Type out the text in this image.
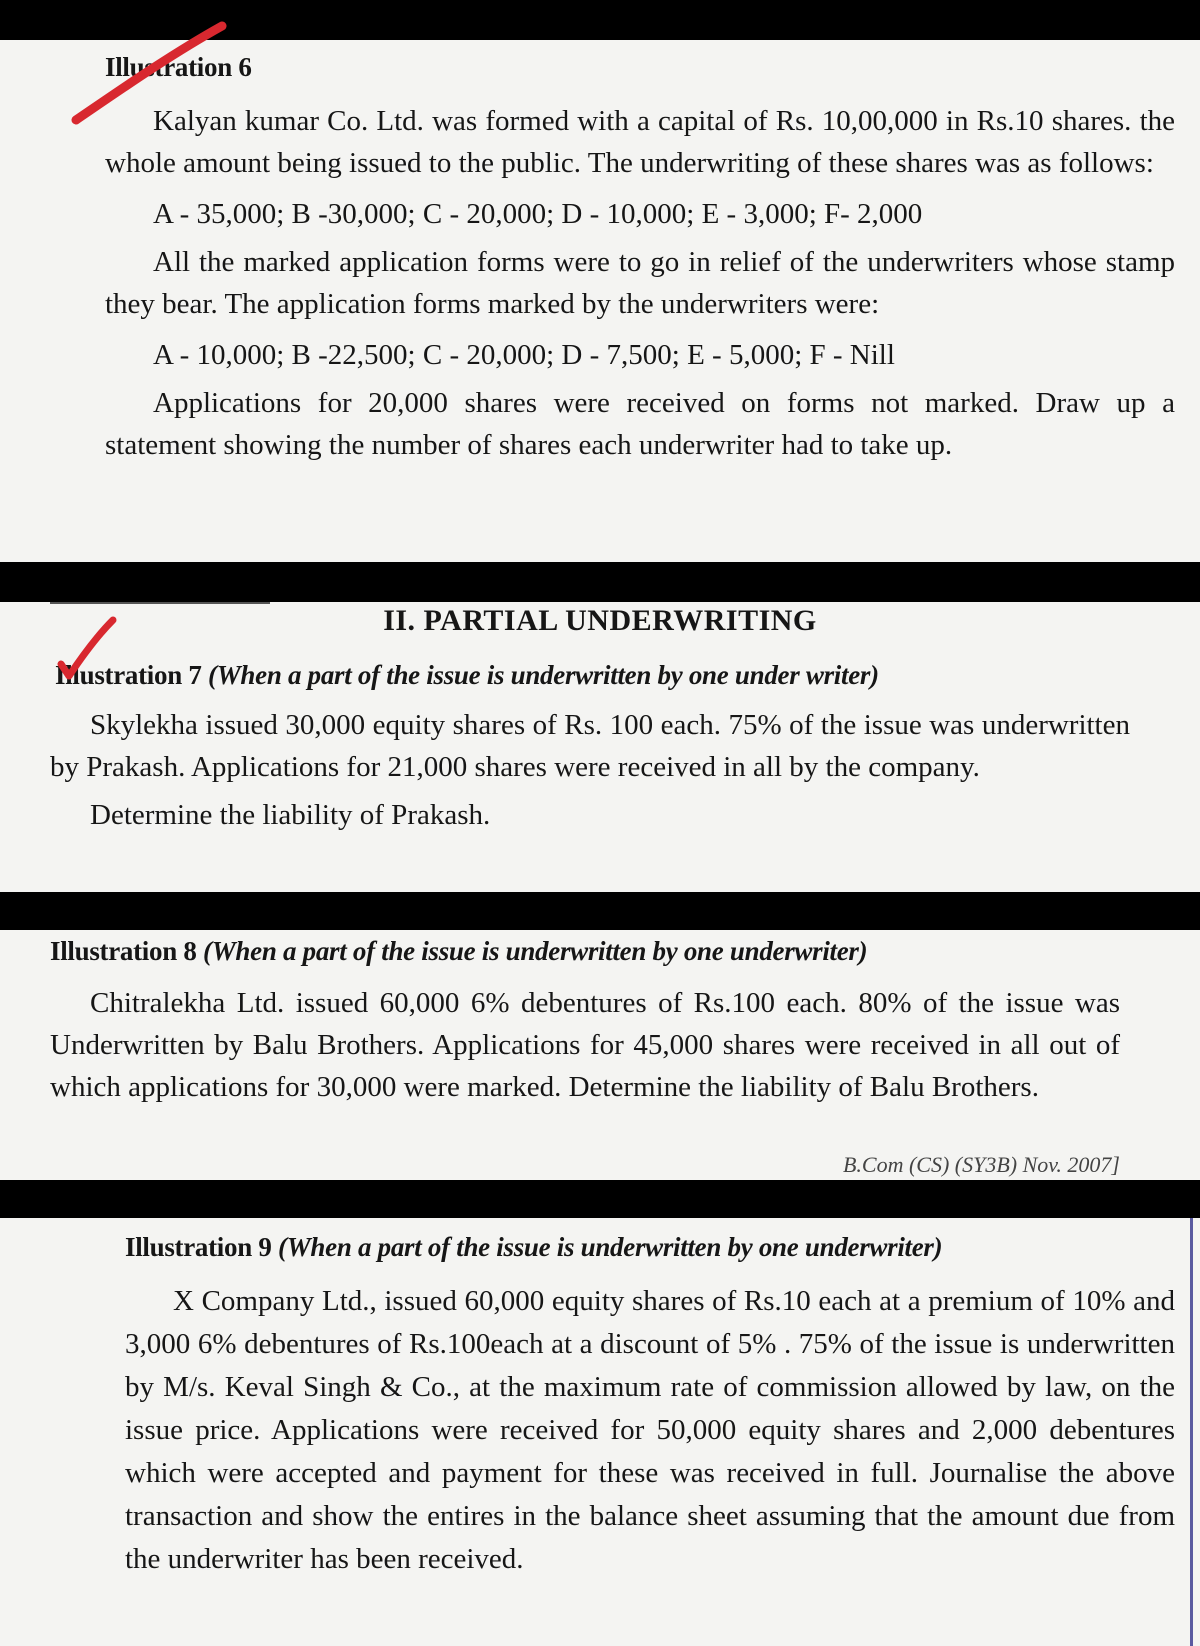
Illustration 6

Kalyan kumar Co. Ltd. was formed with a capital of Rs. 10,00,000 in Rs.10 shares. the whole amount being issued to the public. The underwriting of these shares was as follows:

A - 35,000; B -30,000; C - 20,000; D - 10,000; E - 3,000; F- 2,000

All the marked application forms were to go in relief of the underwriters whose stamp they bear. The application forms marked by the underwriters were:

A - 10,000; B -22,500; C - 20,000; D - 7,500; E - 5,000; F - Nill

Applications for 20,000 shares were received on forms not marked. Draw up a statement showing the number of shares each underwriter had to take up.

II. PARTIAL UNDERWRITING

Illustration 7 (When a part of the issue is underwritten by one under writer)

Skylekha issued 30,000 equity shares of Rs. 100 each. 75% of the issue was underwritten by Prakash. Applications for 21,000 shares were received in all by the company.

Determine the liability of Prakash.

Illustration 8 (When a part of the issue is underwritten by one underwriter)

Chitralekha Ltd. issued 60,000 6% debentures of Rs.100 each. 80% of the issue was Underwritten by Balu Brothers. Applications for 45,000 shares were received in all out of which applications for 30,000 were marked. Determine the liability of Balu Brothers.

B.Com (CS) (SY3B) Nov. 2007]

Illustration 9 (When a part of the issue is underwritten by one underwriter)

X Company Ltd., issued 60,000 equity shares of Rs.10 each at a premium of 10% and 3,000 6% debentures of Rs.100each at a discount of 5% . 75% of the issue is underwritten by M/s. Keval Singh & Co., at the maximum rate of commission allowed by law, on the issue price. Applications were received for 50,000 equity shares and 2,000 debentures which were accepted and payment for these was received in full. Journalise the above transaction and show the entires in the balance sheet assuming that the amount due from the underwriter has been received.
